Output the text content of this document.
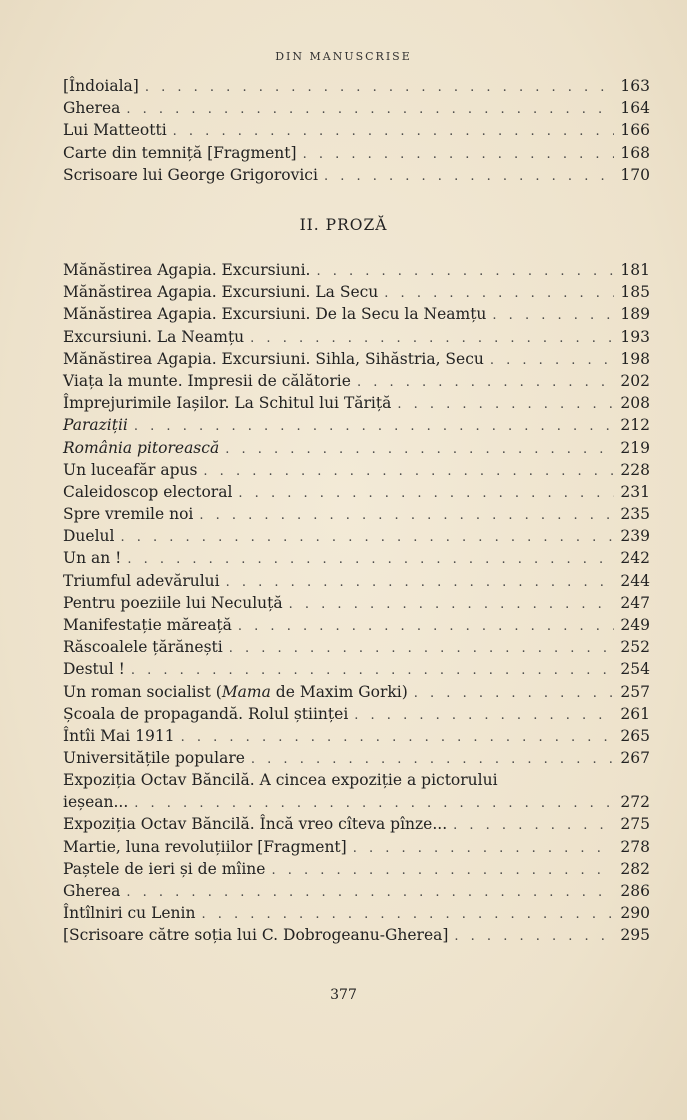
DIN MANUSCRISE
[Îndoiala] . . .	163
Gherea . . .	164
Lui Matteotti . . .	166
Carte din temniță [Fragment] . . .	168
Scrisoare lui George Grigorovici . . .	170
II. PROZĂ
Mănăstirea Agapia. Excursiuni. . . .	181
Mănăstirea Agapia. Excursiuni. La Secu . . .	185
Mănăstirea Agapia. Excursiuni. De la Secu la Neamțu . . .	189
Excursiuni. La Neamțu . . .	193
Mănăstirea Agapia. Excursiuni. Sihla, Sihăstria, Secu . . .	198
Viața la munte. Impresii de călătorie . . .	202
Împrejurimile Iașilor. La Schitul lui Tăriță . . .	208
Paraziții . . .	212
România pitorească . . .	219
Un luceafăr apus . . .	228
Caleidoscop electoral . . .	231
Spre vremile noi . . .	235
Duelul . . .	239
Un an ! . . .	242
Triumful adevărului . . .	244
Pentru poeziile lui Neculuță . . .	247
Manifestație măreață . . .	249
Răscoalele țărănești . . .	252
Destul ! . . .	254
Un roman socialist (Mama de Maxim Gorki) . . .	257
Școala de propagandă. Rolul științei . . .	261
Întîi Mai 1911 . . .	265
Universitățile populare . . .	267
Expoziția Octav Băncilă. A cincea expoziție a pictorului
ieșean... . . .	272
Expoziția Octav Băncilă. Încă vreo cîteva pînze... . . .	275
Martie, luna revoluțiilor [Fragment] . . .	278
Paștele de ieri și de mîine . . .	282
Gherea . . .	286
Întîlniri cu Lenin . . .	290
[Scrisoare către soția lui C. Dobrogeanu-Gherea] . . .	295
377
